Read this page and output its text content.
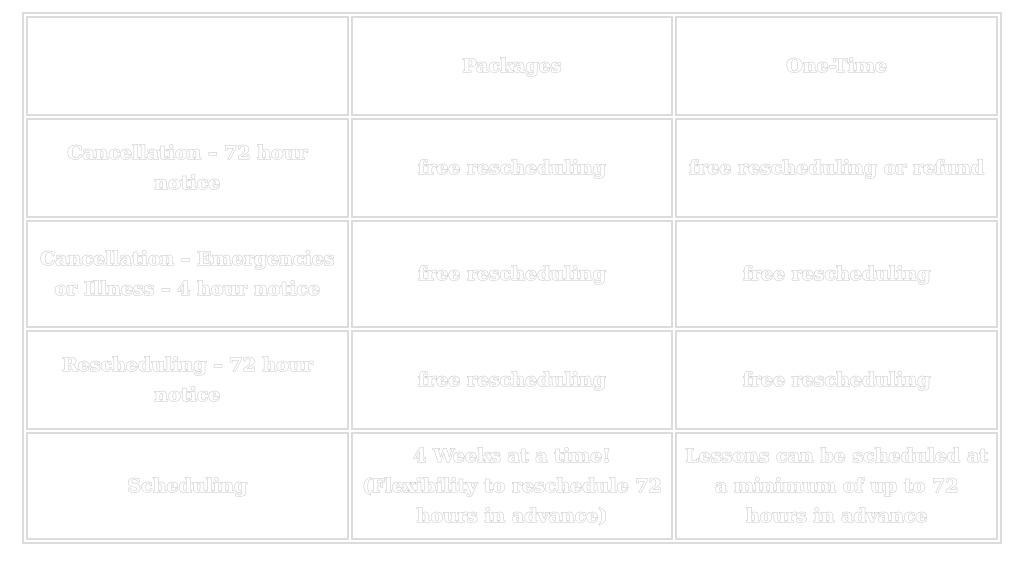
	Packages	One-Time
Cancellation – 72 hour notice	free rescheduling	free rescheduling or refund
Cancellation – Emergencies or Illness – 4 hour notice	free rescheduling	free rescheduling
Rescheduling – 72 hour notice	free rescheduling	free rescheduling
Scheduling	4 Weeks at a time! (Flexibility to reschedule 72 hours in advance)	Lessons can be scheduled at a minimum of up to 72 hours in advance
